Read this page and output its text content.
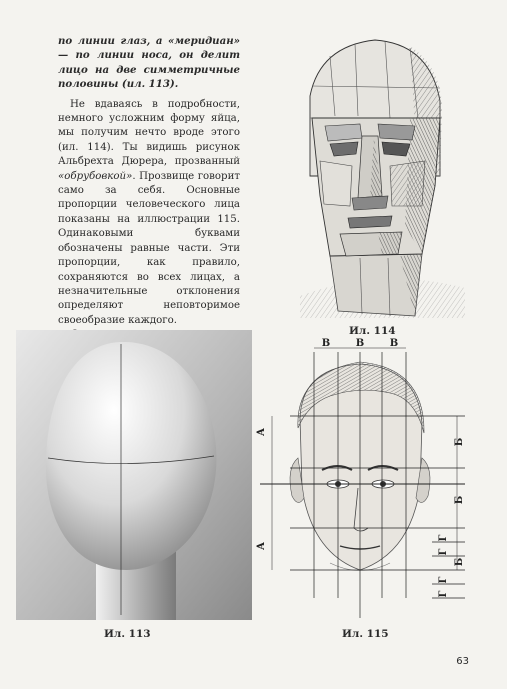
по линии глаз, а «меридиан» — по линии носа, он делит лицо на две симметричные половины (ил. 113).

Не вдаваясь в подробности, немного усложним форму яйца, мы получим нечто вроде этого (ил. 114). Ты видишь рисунок Альбрехта Дюрера, прозванный «обрубовкой». Прозвище говорит само за себя. Основные пропорции человеческого лица показаны на иллюстрации 115. Одинаковыми буквами обозначены равные части. Эти пропорции, как правило, сохраняются во всех лицах, а незначительные отклонения определяют неповторимое своеобразие каждого.

Ил. 114
Ил. 113
В	В	В
А
А
Б
Б
Б
Г
Г
Г
Г
Ил. 115
63
